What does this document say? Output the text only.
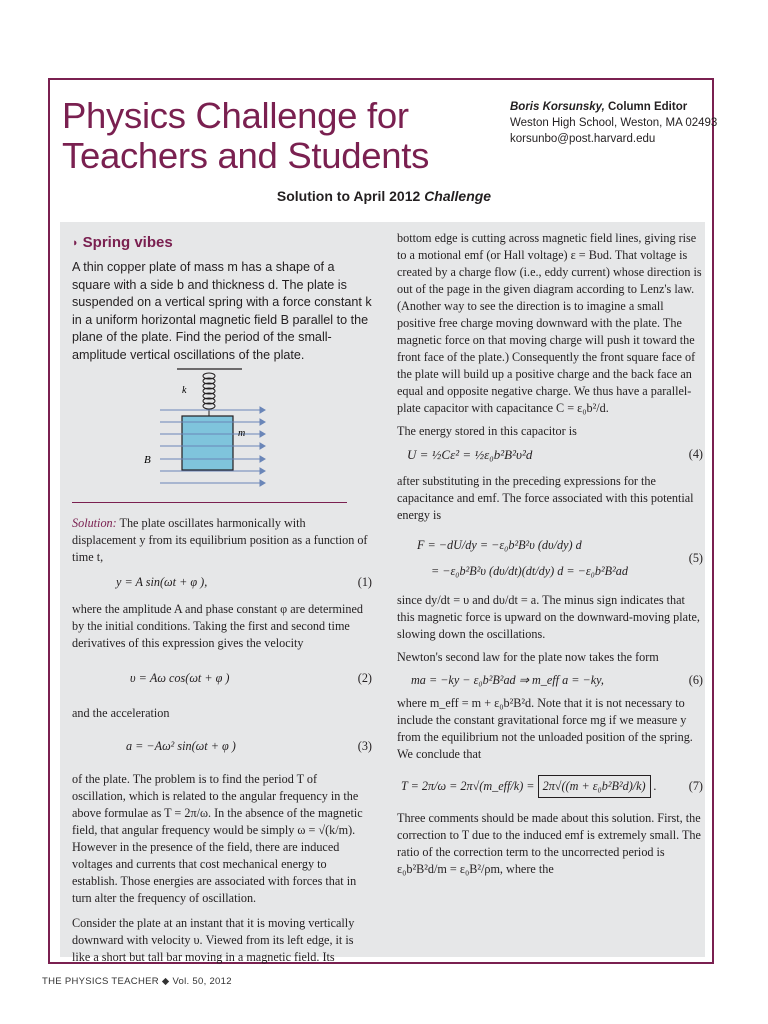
Physics Challenge for
Teachers and Students
Boris Korsunsky, Column Editor
Weston High School, Weston, MA 02493
korsunbo@post.harvard.edu
Solution to April 2012 Challenge
◗ Spring vibes
A thin copper plate of mass m has a shape of a square with a side b and thickness d. The plate is suspended on a vertical spring with a force constant k in a uniform horizontal magnetic field B parallel to the plane of the plate. Find the period of the small-amplitude vertical oscillations of the plate.
k
m
B

Solution: The plate oscillates harmonically with displacement y from its equilibrium position as a function of time t,

y = A sin(ωt + φ ),	(1)

where the amplitude A and phase constant φ are determined by the initial conditions. Taking the first and second time derivatives of this expression gives the velocity

υ = Aω cos(ωt + φ )	(2)

and the acceleration

a = −Aω² sin(ωt + φ )	(3)

of the plate. The problem is to find the period T of oscillation, which is related to the angular frequency in the above formulae as T = 2π/ω. In the absence of the magnetic field, that angular frequency would be simply ω = √(k/m). However in the presence of the field, there are induced voltages and currents that cost mechanical energy to establish. Those energies are associated with forces that in turn alter the frequency of oscillation.

Consider the plate at an instant that it is moving vertically downward with velocity υ. Viewed from its left edge, it is like a short but tall bar moving in a magnetic field. Its

bottom edge is cutting across magnetic field lines, giving rise to a motional emf (or Hall voltage) ε = Bυd. That voltage is created by a charge flow (i.e., eddy current) whose direction is out of the page in the given diagram according to Lenz's law. (Another way to see the direction is to imagine a small positive free charge moving downward with the plate. The magnetic force on that moving charge will push it toward the front face of the plate.) Consequently the front square face of the plate will build up a positive charge and the back face an equal and opposite negative charge. We thus have a parallel-plate capacitor with capacitance C = ε₀b²/d.

The energy stored in this capacitor is

U = ½Cε² = ½ε₀b²B²υ²d	(4)

after substituting in the preceding expressions for the capacitance and emf. The force associated with this potential energy is

F = −dU/dy = −ε₀b²B²υ (dυ/dy) d
= −ε₀b²B²υ (dυ/dt)(dt/dy) d = −ε₀b²B²ad
(5)

since dy/dt = υ and dυ/dt = a. The minus sign indicates that this magnetic force is upward on the downward-moving plate, slowing down the oscillations.

Newton's second law for the plate now takes the form

ma = −ky − ε₀b²B²ad ⇒ m_eff a = −ky,	(6)

where m_eff = m + ε₀b²B²d. Note that it is not necessary to include the constant gravitational force mg if we measure y from the equilibrium not the unloaded position of the spring. We conclude that

T = 2π/ω = 2π√(m_eff/k) = 2π√((m + ε₀b²B²d)/k) .	(7)

Three comments should be made about this solution. First, the correction to T due to the induced emf is extremely small. The ratio of the correction term to the uncorrected period is ε₀b²B²d/m = ε₀B²/ρm, where the

THE PHYSICS TEACHER ◆ Vol. 50, 2012
